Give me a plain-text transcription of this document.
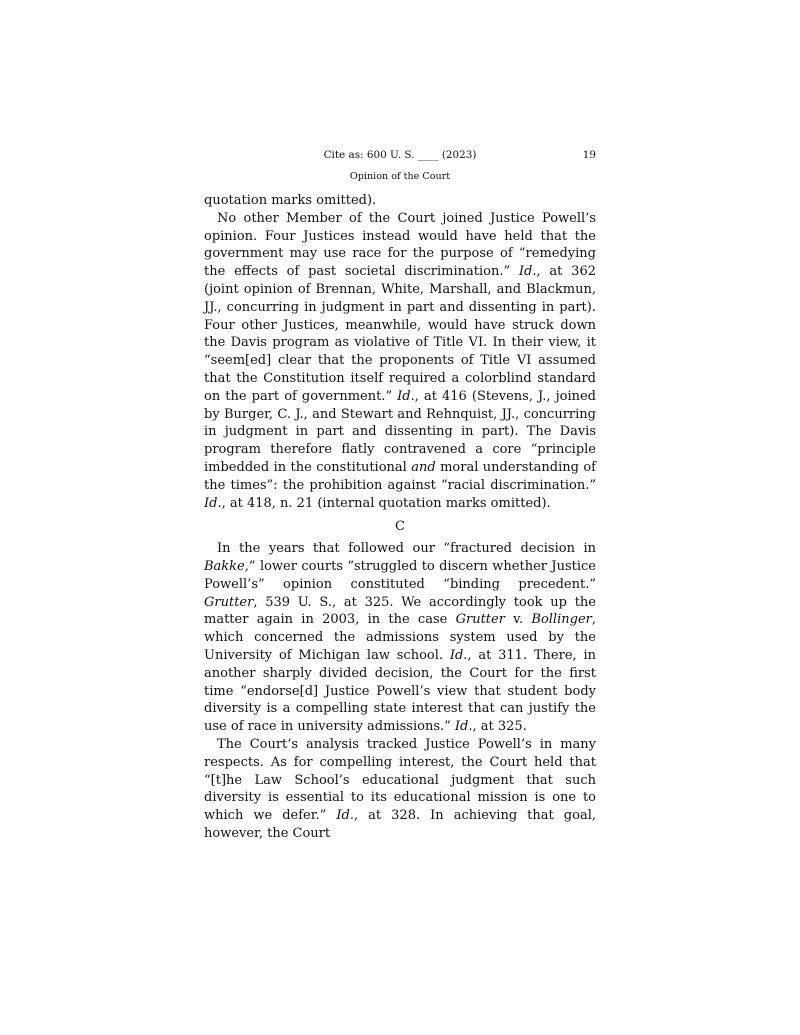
Cite as: 600 U. S. ____ (2023)	19
Opinion of the Court

quotation marks omitted).

No other Member of the Court joined Justice Powell’s opinion. Four Justices instead would have held that the government may use race for the purpose of “remedying the effects of past societal discrimination.” Id., at 362 (joint opinion of Brennan, White, Marshall, and Blackmun, JJ., concurring in judgment in part and dissenting in part). Four other Justices, meanwhile, would have struck down the Davis program as violative of Title VI. In their view, it “seem[ed] clear that the proponents of Title VI assumed that the Constitution itself required a colorblind standard on the part of government.” Id., at 416 (Stevens, J., joined by Burger, C. J., and Stewart and Rehnquist, JJ., concurring in judgment in part and dissenting in part). The Davis program therefore flatly contravened a core “principle imbedded in the constitutional and moral understanding of the times”: the prohibition against “racial discrimination.” Id., at 418, n. 21 (internal quotation marks omitted).

C

In the years that followed our “fractured decision in Bakke,” lower courts “struggled to discern whether Justice Powell’s” opinion constituted “binding precedent.” Grutter, 539 U. S., at 325. We accordingly took up the matter again in 2003, in the case Grutter v. Bollinger, which concerned the admissions system used by the University of Michigan law school. Id., at 311. There, in another sharply divided decision, the Court for the first time “endorse[d] Justice Powell’s view that student body diversity is a compelling state interest that can justify the use of race in university admissions.” Id., at 325.

The Court’s analysis tracked Justice Powell’s in many respects. As for compelling interest, the Court held that “[t]he Law School’s educational judgment that such diversity is essential to its educational mission is one to which we defer.” Id., at 328. In achieving that goal, however, the Court
